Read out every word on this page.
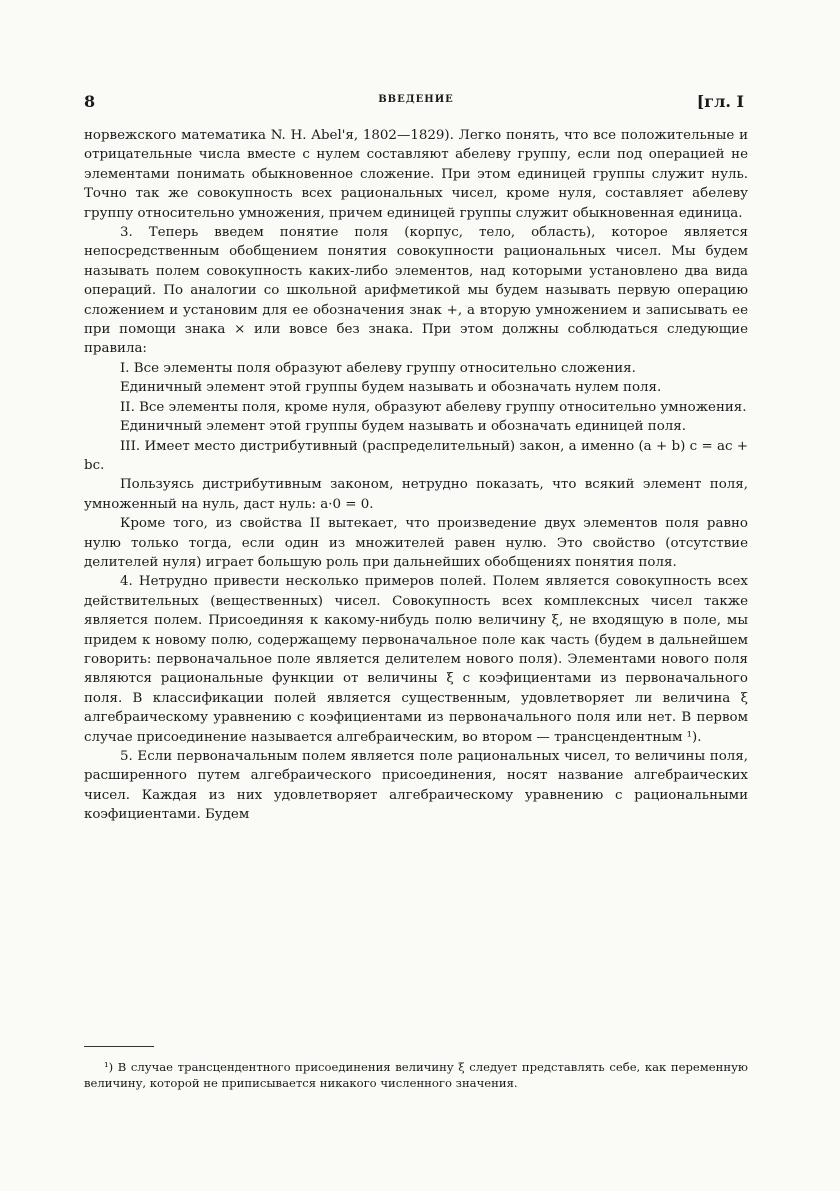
8	ВВЕДЕНИЕ	[гл. I

норвежского математика N. H. Abel'я, 1802—1829). Легко понять, что все положительные и отрицательные числа вместе с нулем составляют абелеву группу, если под операцией не элементами понимать обыкновенное сложение. При этом единицей группы служит нуль. Точно так же совокупность всех рациональных чисел, кроме нуля, составляет абелеву группу относительно умножения, причем единицей группы служит обыкновенная единица.

3. Теперь введем понятие поля (корпус, тело, область), которое является непосредственным обобщением понятия совокупности рациональных чисел. Мы будем называть полем совокупность каких-либо элементов, над которыми установлено два вида операций. По аналогии со школьной арифметикой мы будем называть первую операцию сложением и установим для ее обозначения знак +, а вторую умножением и записывать ее при помощи знака × или вовсе без знака. При этом должны соблюдаться следующие правила:

I. Все элементы поля образуют абелеву группу относительно сложения.

Единичный элемент этой группы будем называть и обозначать нулем поля.

II. Все элементы поля, кроме нуля, образуют абелеву группу относительно умножения.

Единичный элемент этой группы будем называть и обозначать единицей поля.

III. Имеет место дистрибутивный (распределительный) закон, а именно (a + b) c = ac + bc.

Пользуясь дистрибутивным законом, нетрудно показать, что всякий элемент поля, умноженный на нуль, даст нуль: a·0 = 0.

Кроме того, из свойства II вытекает, что произведение двух элементов поля равно нулю только тогда, если один из множителей равен нулю. Это свойство (отсутствие делителей нуля) играет большую роль при дальнейших обобщениях понятия поля.

4. Нетрудно привести несколько примеров полей. Полем является совокупность всех действительных (вещественных) чисел. Совокупность всех комплексных чисел также является полем. Присоединяя к какому-нибудь полю величину ξ, не входящую в поле, мы придем к новому полю, содержащему первоначальное поле как часть (будем в дальнейшем говорить: первоначальное поле является делителем нового поля). Элементами нового поля являются рациональные функции от величины ξ с коэфициентами из первоначального поля. В классификации полей является существенным, удовлетворяет ли величина ξ алгебраическому уравнению с коэфициентами из первоначального поля или нет. В первом случае присоединение называется алгебраическим, во втором — трансцендентным ¹).

5. Если первоначальным полем является поле рациональных чисел, то величины поля, расширенного путем алгебраического присоединения, носят название алгебраических чисел. Каждая из них удовлетворяет алгебраическому уравнению с рациональными коэфициентами. Будем

¹) В случае трансцендентного присоединения величину ξ следует представлять себе, как переменную величину, которой не приписывается никакого численного значения.
